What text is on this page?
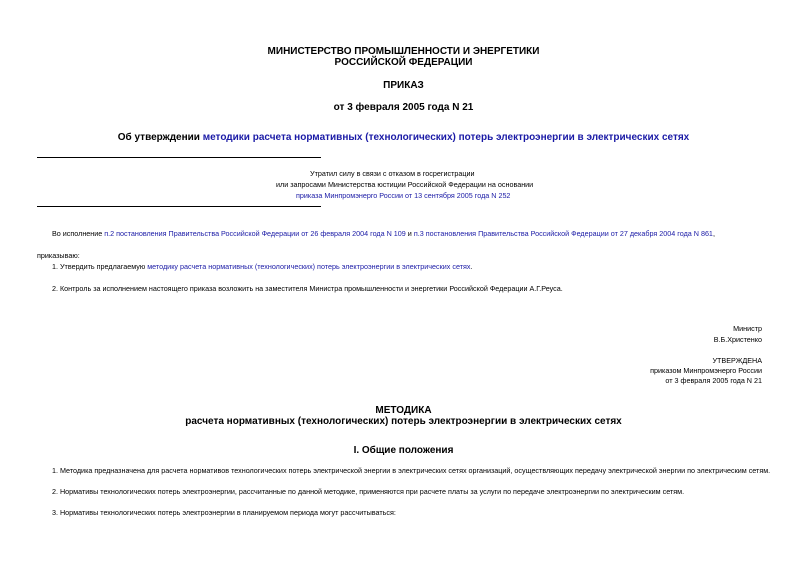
МИНИСТЕРСТВО ПРОМЫШЛЕННОСТИ И ЭНЕРГЕТИКИ
РОССИЙСКОЙ ФЕДЕРАЦИИ
ПРИКАЗ
от 3 февраля 2005 года N 21
Об утверждении методики расчета нормативных (технологических) потерь электроэнергии в электрических сетях
Утратил силу в связи с отказом в госрегистрации
или запросами Министерства юстиции Российской Федерации на основании
приказа Минпромэнерго России от 13 сентября 2005 года N 252
Во исполнение п.2 постановления Правительства Российской Федерации от 26 февраля 2004 года N 109 и п.3 постановления Правительства Российской Федерации от 27 декабря 2004 года N 861,
приказываю:
1. Утвердить предлагаемую методику расчета нормативных (технологических) потерь электроэнергии в электрических сетях.
2. Контроль за исполнением настоящего приказа возложить на заместителя Министра промышленности и энергетики Российской Федерации А.Г.Реуса.
Министр
В.Б.Христенко
УТВЕРЖДЕНА
приказом Минпромэнерго России
от 3 февраля 2005 года N 21
МЕТОДИКА
расчета нормативных (технологических) потерь электроэнергии в электрических сетях
I. Общие положения
1. Методика предназначена для расчета нормативов технологических потерь электрической энергии в электрических сетях организаций, осуществляющих передачу электрической энергии по электрическим сетям.
2. Нормативы технологических потерь электроэнергии, рассчитанные по данной методике, применяются при расчете платы за услуги по передаче электроэнергии по электрическим сетям.
3. Нормативы технологических потерь электроэнергии в планируемом периода могут рассчитываться:
